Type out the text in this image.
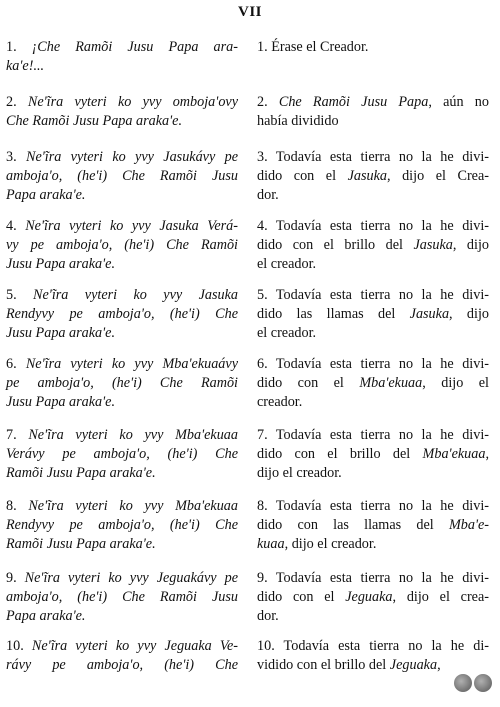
VII
1. ¡Che Ramõi Jusu Papa ara-
ka'e!...
1. Érase el Creador.
2. Ne'ĩra vyteri ko yvy omboja'ovy
Che Ramõi Jusu Papa araka'e.
2. Che Ramõi Jusu Papa, aún no
había dividido
3. Ne'ĩra vyteri ko yvy Jasukávy pe
amboja'o, (he'i) Che Ramõi Jusu
Papa araka'e.
3. Todavía esta tierra no la he divi-
dido con el Jasuka, dijo el Crea-
dor.
4. Ne'ĩra vyteri ko yvy Jasuka Verá-
vy pe amboja'o, (he'i) Che Ramõi
Jusu Papa araka'e.
4. Todavía esta tierra no la he divi-
dido con el brillo del Jasuka, dijo
el creador.
5. Ne'ĩra vyteri ko yvy Jasuka
Rendyvy pe amboja'o, (he'i) Che
Jusu Papa araka'e.
5. Todavía esta tierra no la he divi-
dido las llamas del Jasuka, dijo
el creador.
6. Ne'ĩra vyteri ko yvy Mba'ekuaávy
pe amboja'o, (he'i) Che Ramõi
Jusu Papa araka'e.
6. Todavía esta tierra no la he divi-
dido con el Mba'ekuaa, dijo el
creador.
7. Ne'ĩra vyteri ko yvy Mba'ekuaa
Verávy pe amboja'o, (he'i) Che
Ramõi Jusu Papa araka'e.
7. Todavía esta tierra no la he divi-
dido con el brillo del Mba'ekuaa,
dijo el creador.
8. Ne'ĩra vyteri ko yvy Mba'ekuaa
Rendyvy pe amboja'o, (he'i) Che
Ramõi Jusu Papa araka'e.
8. Todavía esta tierra no la he divi-
dido con las llamas del Mba'e-
kuaa, dijo el creador.
9. Ne'ĩra vyteri ko yvy Jeguakávy pe
amboja'o, (he'i) Che Ramõi Jusu
Papa araka'e.
9. Todavía esta tierra no la he divi-
dido con el Jeguaka, dijo el crea-
dor.
10. Ne'ĩra vyteri ko yvy Jeguaka Ve-
rávy pe amboja'o, (he'i) Che
10. Todavía esta tierra no la he di-
vidido con el brillo del Jeguaka,
